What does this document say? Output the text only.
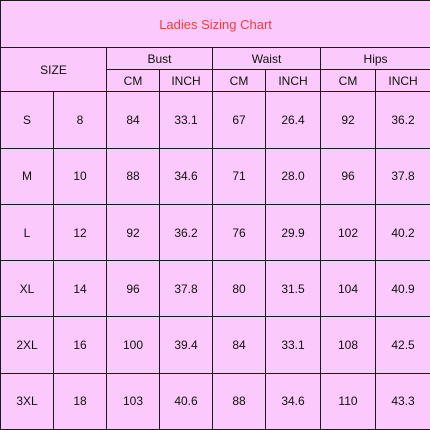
Ladies Sizing Chart							
SIZE		Bust		Waist		Hips	
		CM	INCH	CM	INCH	CM	INCH
S	8	84	33.1	67	26.4	92	36.2
M	10	88	34.6	71	28.0	96	37.8
L	12	92	36.2	76	29.9	102	40.2
XL	14	96	37.8	80	31.5	104	40.9
2XL	16	100	39.4	84	33.1	108	42.5
3XL	18	103	40.6	88	34.6	110	43.3
